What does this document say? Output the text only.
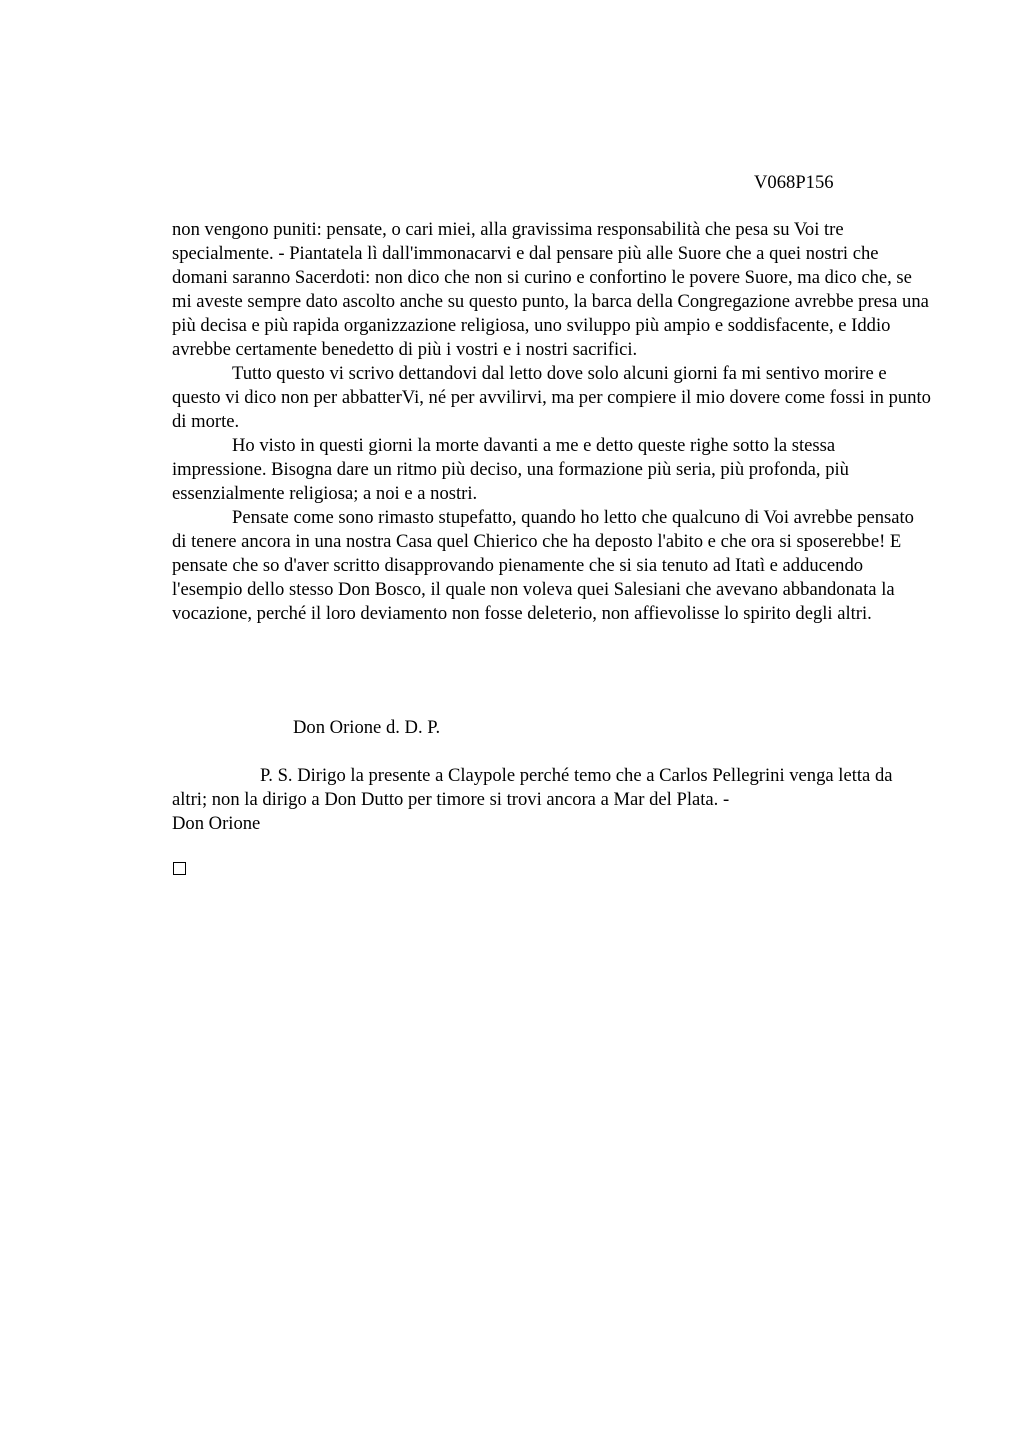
V068P156

non vengono puniti: pensate, o cari miei, alla gravissima responsabilità che pesa su Voi tre specialmente. - Piantatela lì dall'immonacarvi e dal pensare più alle Suore che a quei nostri che domani saranno Sacerdoti: non dico che non si curino e confortino le povere Suore, ma dico che, se mi aveste sempre dato ascolto anche su questo punto, la barca della Congregazione avrebbe presa una più decisa e più rapida organizzazione religiosa, uno sviluppo più ampio e soddisfacente, e Iddio avrebbe certamente benedetto di più i vostri e i nostri sacrifici.

Tutto questo vi scrivo dettandovi dal letto dove solo alcuni giorni fa mi sentivo morire e questo vi dico non per abbatterVi, né per avvilirvi, ma per compiere il mio dovere come fossi in punto di morte.

Ho visto in questi giorni la morte davanti a me e detto queste righe sotto la stessa impressione. Bisogna dare un ritmo più deciso, una formazione più seria, più profonda, più essenzialmente religiosa; a noi e a nostri.

Pensate come sono rimasto stupefatto, quando ho letto che qualcuno di Voi avrebbe pensato di tenere ancora in una nostra Casa quel Chierico che ha deposto l'abito e che ora si sposerebbe! E pensate che so d'aver scritto disapprovando pienamente che si sia tenuto ad Itatì e adducendo l'esempio dello stesso Don Bosco, il quale non voleva quei Salesiani che avevano abbandonata la vocazione, perché il loro deviamento non fosse deleterio, non affievolisse lo spirito degli altri.

Don Orione d. D. P.

P. S. Dirigo la presente a Claypole perché temo che a Carlos Pellegrini venga letta da altri; non la dirigo a Don Dutto per timore si trovi ancora a Mar del Plata. -

Don Orione
